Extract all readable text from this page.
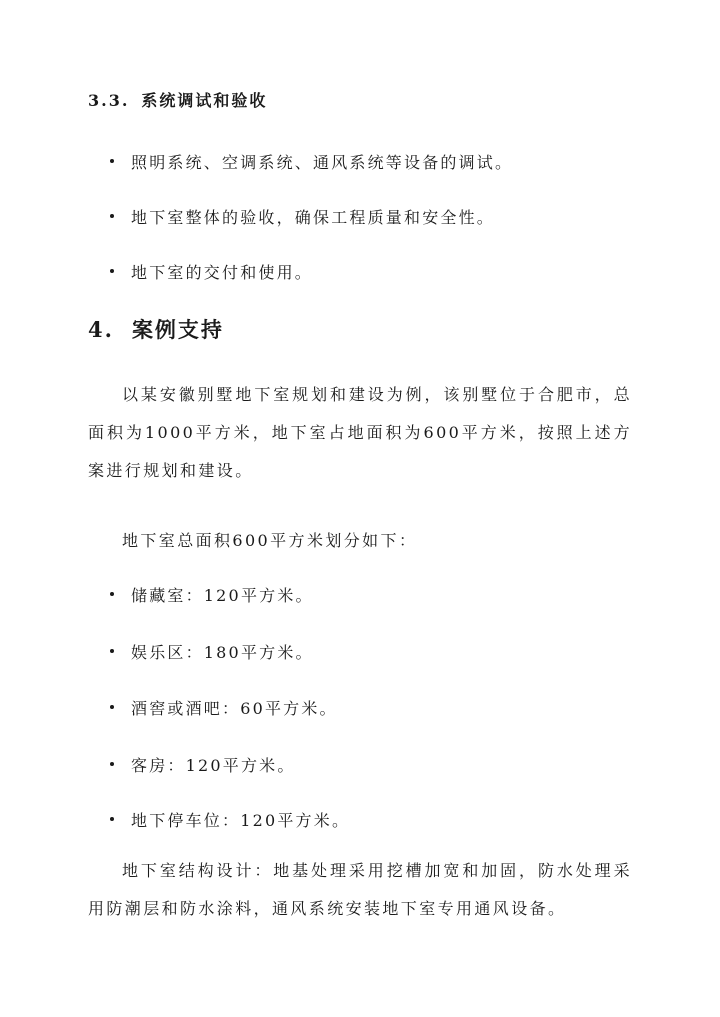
3.3. 系统调试和验收
照明系统、空调系统、通风系统等设备的调试。
地下室整体的验收，确保工程质量和安全性。
地下室的交付和使用。
4. 案例支持
以某安徽别墅地下室规划和建设为例，该别墅位于合肥市，总面积为1000平方米，地下室占地面积为600平方米，按照上述方案进行规划和建设。
地下室总面积600平方米划分如下：
储藏室：120平方米。
娱乐区：180平方米。
酒窖或酒吧：60平方米。
客房：120平方米。
地下停车位：120平方米。
地下室结构设计：地基处理采用挖槽加宽和加固，防水处理采用防潮层和防水涂料，通风系统安装地下室专用通风设备。
